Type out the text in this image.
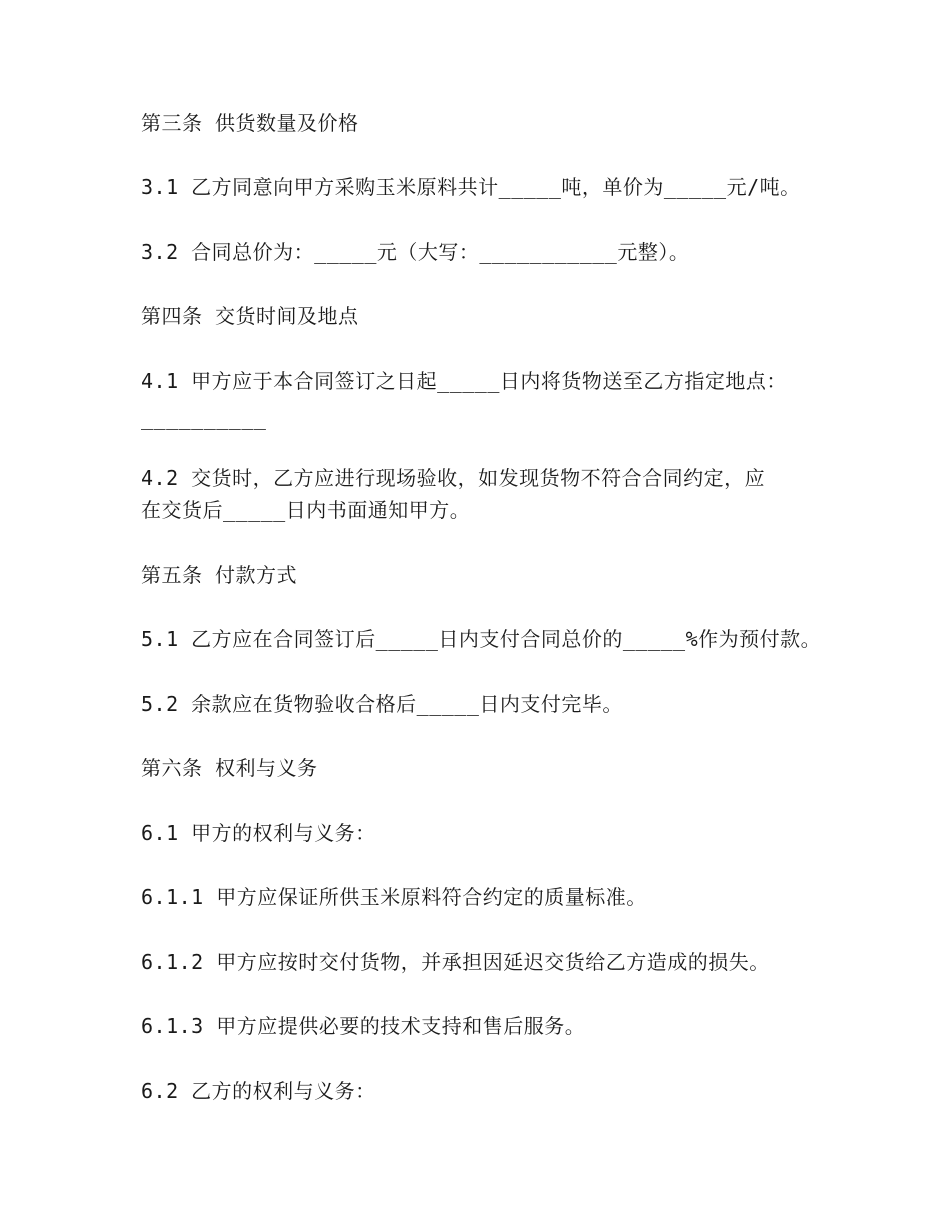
第三条 供货数量及价格

3.1 乙方同意向甲方采购玉米原料共计_____吨，单价为_____元/吨。

3.2 合同总价为：_____元（大写：___________元整）。

第四条 交货时间及地点

4.1 甲方应于本合同签订之日起_____日内将货物送至乙方指定地点：

__________

4.2 交货时，乙方应进行现场验收，如发现货物不符合合同约定，应

在交货后_____日内书面通知甲方。

第五条 付款方式

5.1 乙方应在合同签订后_____日内支付合同总价的_____%作为预付款。

5.2 余款应在货物验收合格后_____日内支付完毕。

第六条 权利与义务

6.1 甲方的权利与义务：

6.1.1 甲方应保证所供玉米原料符合约定的质量标准。

6.1.2 甲方应按时交付货物，并承担因延迟交货给乙方造成的损失。

6.1.3 甲方应提供必要的技术支持和售后服务。

6.2 乙方的权利与义务：
